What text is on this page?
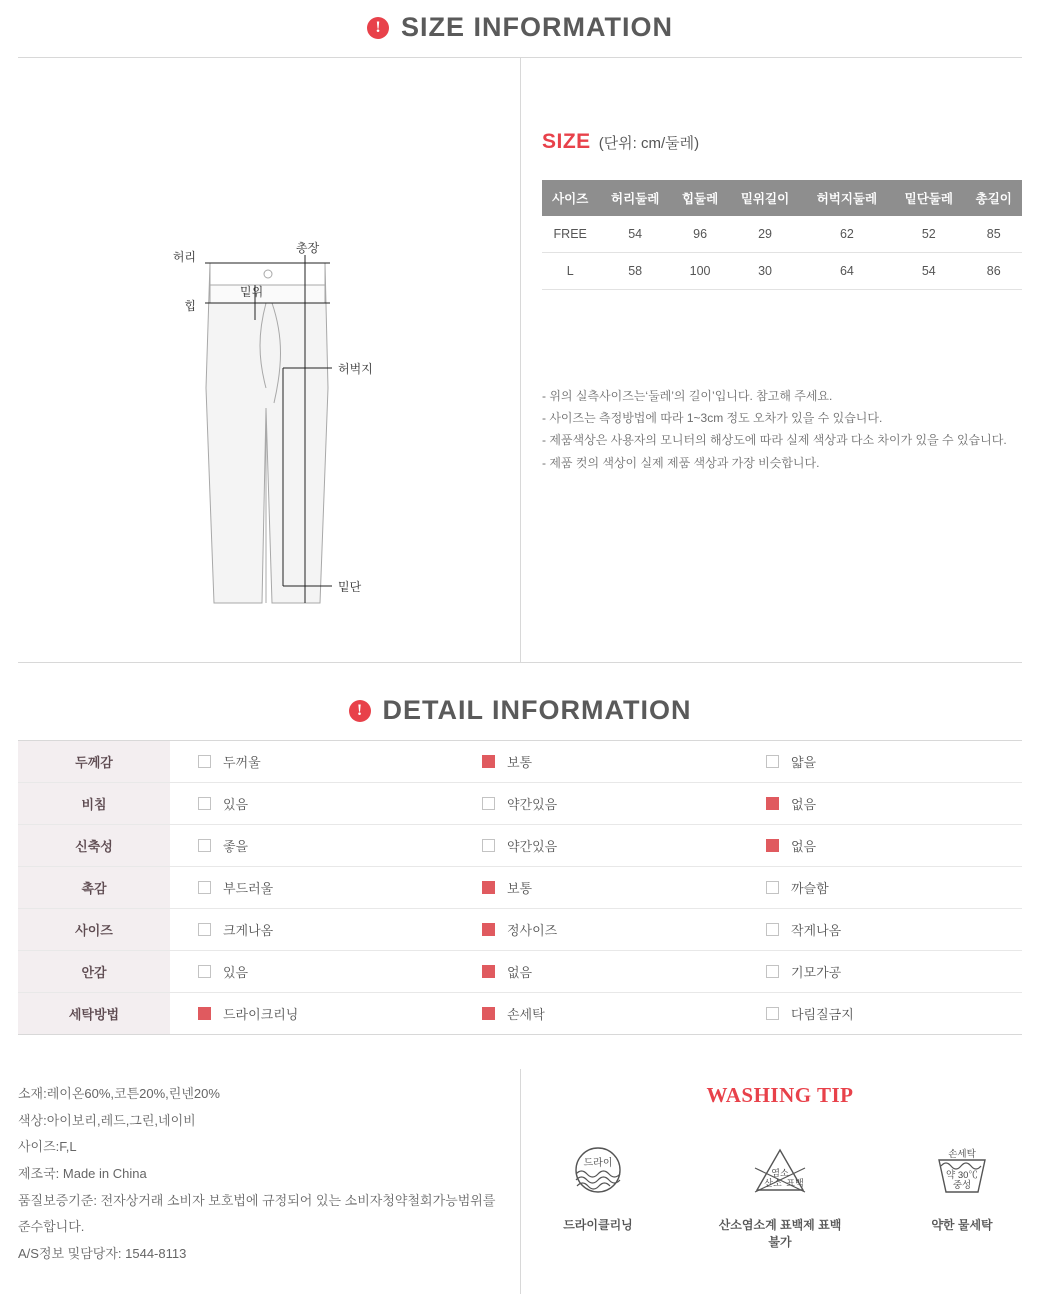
! SIZE INFORMATION
허리
힙
밑위
총장
허벅지
밑단
SIZE (단위: cm/둘레)
사이즈	허리둘레	힙둘레	밑위길이	허벅지둘레	밑단둘레	총길이
FREE	54	96	29	62	52	85
L	58	100	30	64	54	86
- 위의 실측사이즈는‘둘레’의 길이’입니다. 참고해 주세요.
- 사이즈는 측정방법에 따라 1~3cm 정도 오차가 있을 수 있습니다.
- 제품색상은 사용자의 모니터의 해상도에 따라 실제 색상과 다소 차이가 있을 수 있습니다.
- 제품 컷의 색상이 실제 제품 색상과 가장 비슷합니다.
! DETAIL INFORMATION
두께감	두꺼울	보통	얇을

비침	있음	약간있음	없음

신축성	좋을	약간있음	없음

촉감	부드러울	보통	까슬함

사이즈	크게나옴	정사이즈	작게나옴

안감	있음	없음	기모가공

세탁방법	드라이크리닝	손세탁	다림질금지
소재:레이온60%,코튼20%,린넨20%
색상:아이보리,레드,그린,네이비
사이즈:F,L
제조국: Made in China
품질보증기준: 전자상거래 소비자 보호법에 규정되어 있는 소비자청약철회가능범위를 준수합니다.
A/S정보 및담당자: 1544-8113
WASHING TIP
드라이
드라이클리닝
염소
산소 표백
산소염소계 표백제 표백 불가
손세탁
약 30℃
중성
약한 물세탁
